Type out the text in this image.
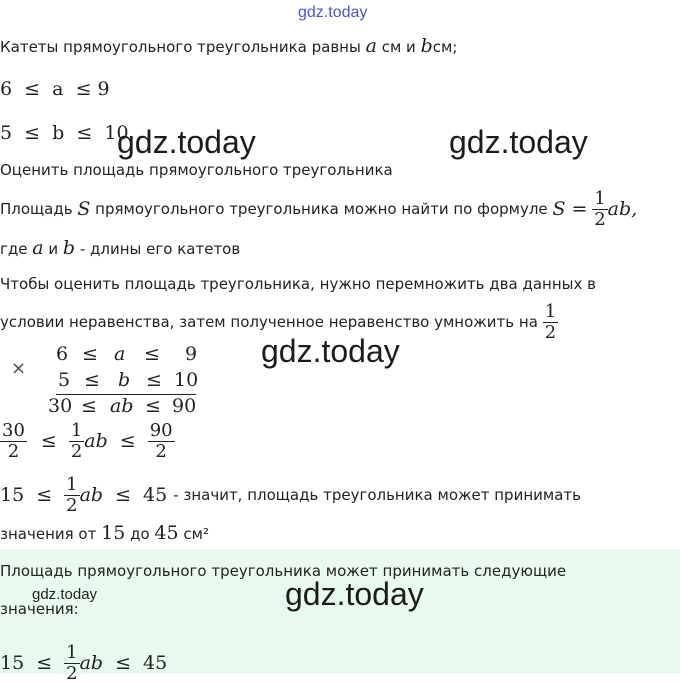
gdz.today
Катеты прямоугольного треугольника равны a см и bсм;
6  ≤  a  ≤ 9
5  ≤  b  ≤  10
gdz.today	gdz.today
Оценить площадь прямоугольного треугольника
Площадь
S
прямоугольного треугольника можно найти по формуле
S =
$\frac{1}{2}$ ab,
где a и b - длины его катетов
Чтобы оценить площадь треугольника, нужно перемножить два данных в
условии неравенства, затем полученное неравенство умножить на
$\frac{1}{2}$
gdz.today
×
6 ≤ a ≤ 9
5 ≤ b ≤ 10
30 ≤ ab ≤ 90
$\frac{30}{2} \le \frac{1}{2}$ ab ≤ $\frac{90}{2}$
$15 \le \frac{1}{2}$ ab ≤ 45 - значит, площадь треугольника может принимать
значения от 15 до 45 см²
Площадь прямоугольного треугольника может принимать следующие
значения:
gdz.today	gdz.today
$15 \le \frac{1}{2}$ ab ≤ 45
